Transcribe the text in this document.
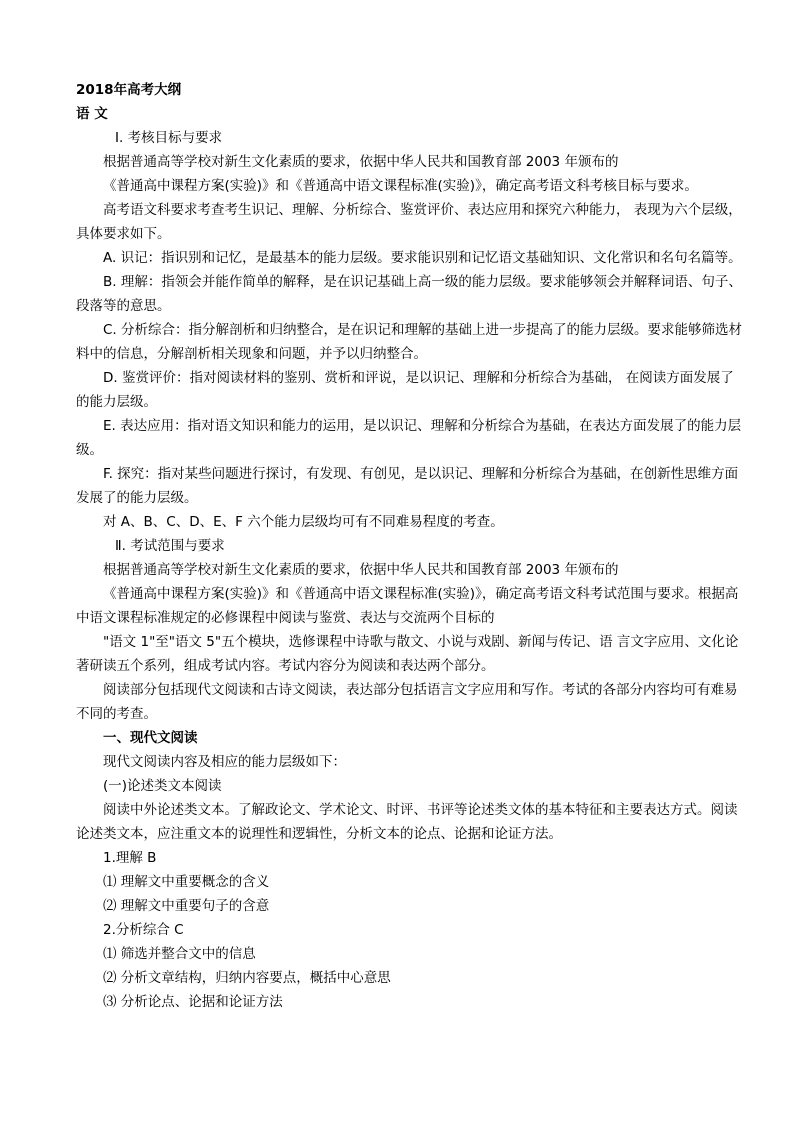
2018年高考大纲

语 文

Ⅰ. 考核目标与要求

根据普通高等学校对新生文化素质的要求，依据中华人民共和国教育部 2003 年颁布的

《普通高中课程方案(实验)》和《普通高中语文课程标准(实验)》，确定高考语文科考核目标与要求。

高考语文科要求考查考生识记、理解、分析综合、鉴赏评价、表达应用和探究六种能力， 表现为六个层级，具体要求如下。

A. 识记：指识别和记忆，是最基本的能力层级。要求能识别和记忆语文基础知识、文化常识和名句名篇等。

B. 理解：指领会并能作简单的解释，是在识记基础上高一级的能力层级。要求能够领会并解释词语、句子、段落等的意思。

C. 分析综合：指分解剖析和归纳整合，是在识记和理解的基础上进一步提高了的能力层级。要求能够筛选材料中的信息，分解剖析相关现象和问题，并予以归纳整合。

D. 鉴赏评价：指对阅读材料的鉴别、赏析和评说，是以识记、理解和分析综合为基础， 在阅读方面发展了的能力层级。

E. 表达应用：指对语文知识和能力的运用，是以识记、理解和分析综合为基础，在表达方面发展了的能力层级。

F. 探究：指对某些问题进行探讨，有发现、有创见，是以识记、理解和分析综合为基础，在创新性思维方面发展了的能力层级。

对 A、B、C、D、E、F 六个能力层级均可有不同难易程度的考查。

Ⅱ. 考试范围与要求

根据普通高等学校对新生文化素质的要求，依据中华人民共和国教育部 2003 年颁布的

《普通高中课程方案(实验)》和《普通高中语文课程标准(实验)》，确定高考语文科考试范围与要求。根据高中语文课程标准规定的必修课程中阅读与鉴赏、表达与交流两个目标的

"语文 1"至"语文 5"五个模块，选修课程中诗歌与散文、小说与戏剧、新闻与传记、语 言文字应用、文化论著研读五个系列，组成考试内容。考试内容分为阅读和表达两个部分。

阅读部分包括现代文阅读和古诗文阅读，表达部分包括语言文字应用和写作。考试的各部分内容均可有难易不同的考查。

一、现代文阅读

现代文阅读内容及相应的能力层级如下：

(一)论述类文本阅读

阅读中外论述类文本。了解政论文、学术论文、时评、书评等论述类文体的基本特征和主要表达方式。阅读论述类文本，应注重文本的说理性和逻辑性，分析文本的论点、论据和论证方法。

1.理解 B

⑴ 理解文中重要概念的含义

⑵ 理解文中重要句子的含意

2.分析综合 C

⑴ 筛选并整合文中的信息

⑵ 分析文章结构，归纳内容要点，概括中心意思

⑶ 分析论点、论据和论证方法
